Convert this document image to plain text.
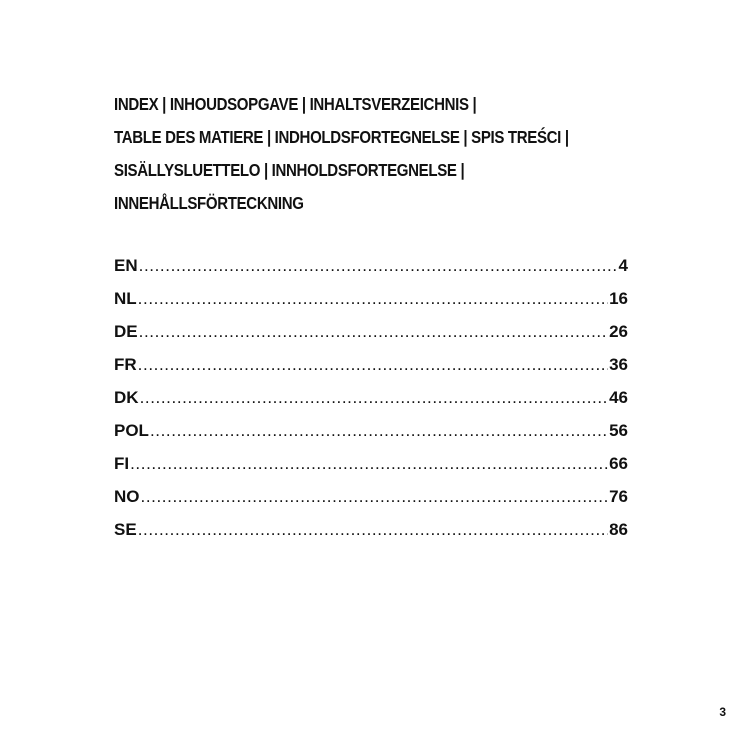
INDEX | INHOUDSOPGAVE | INHALTSVERZEICHNIS |
TABLE DES MATIERE | INDHOLDSFORTEGNELSE | SPIS TREŚCI |
SISÄLLYSLUETTELO | INNHOLDSFORTEGNELSE |
INNEHÅLLSFÖRTECKNING
EN .....	4
NL .....	16
DE .....	26
FR .....	36
DK .....	46
POL .....	56
FI .....	66
NO .....	76
SE .....	86
3
